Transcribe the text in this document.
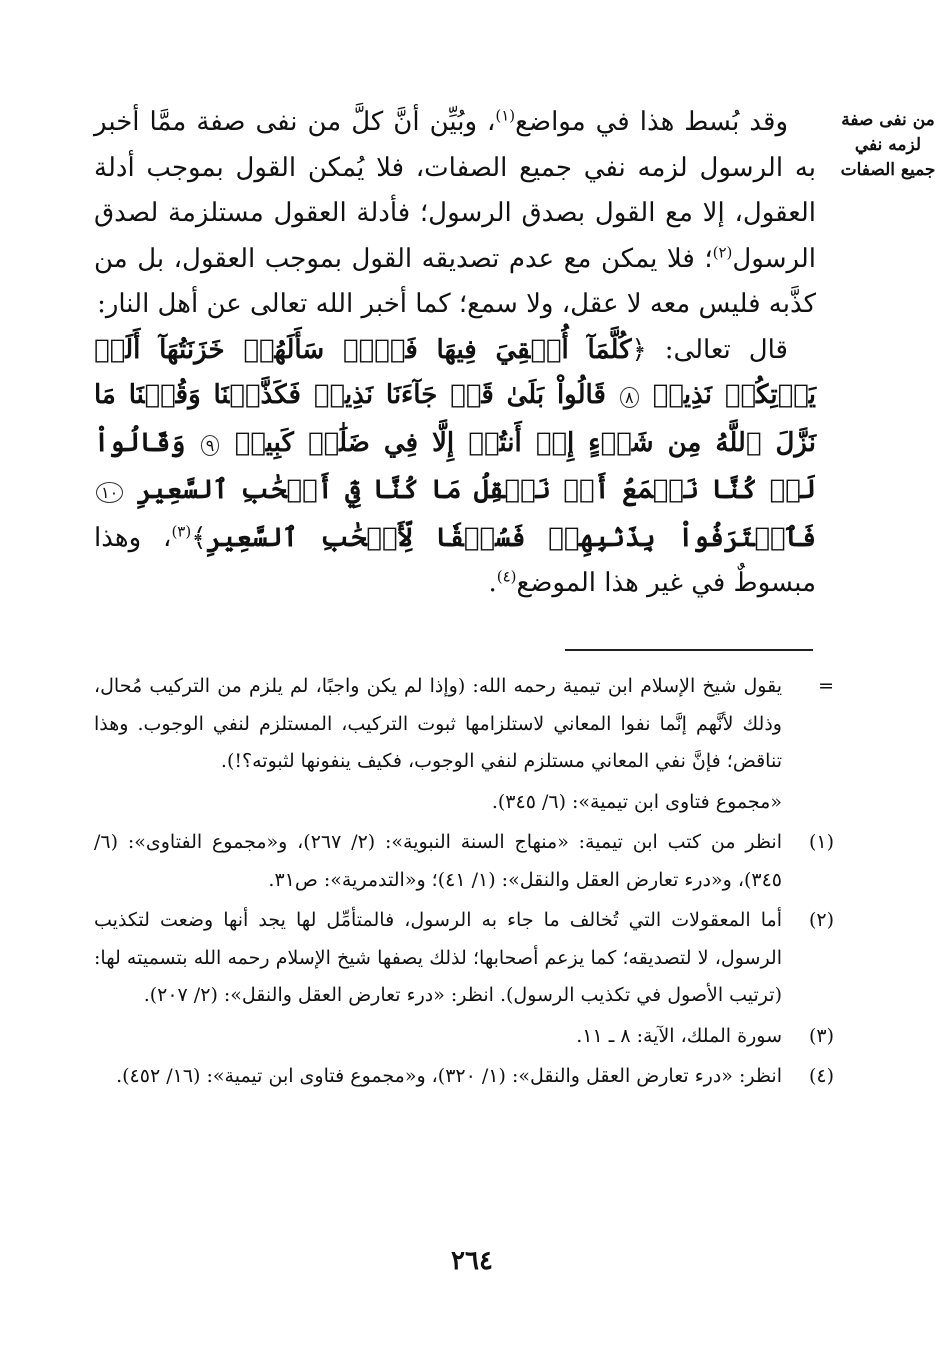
من نفى صفة لزمه نفي جميع الصفات

وقد بُسط هذا في مواضع$^{(١)}$، وبُيِّن أنَّ كلَّ من نفى صفة ممَّا أخبر به الرسول لزمه نفي جميع الصفات، فلا يُمكن القول بموجب أدلة العقول، إلا مع القول بصدق الرسول؛ فأدلة العقول مستلزمة لصدق الرسول$^{(٢)}$؛ فلا يمكن مع عدم تصديقه القول بموجب العقول، بل من كذَّبه فليس معه لا عقل، ولا سمع؛ كما أخبر الله تعالى عن أهل النار:

قال تعالى: ﴿كُلَّمَآ أُلۡقِيَ فِيهَا فَوۡجٞ سَأَلَهُمۡ خَزَنَتُهَآ أَلَمۡ يَأۡتِكُمۡ نَذِيرٞ ٨ قَالُواْ بَلَىٰ قَدۡ جَآءَنَا نَذِيرٞ فَكَذَّبۡنَا وَقُلۡنَا مَا نَزَّلَ ٱللَّهُ مِن شَيۡءٍ إِنۡ أَنتُمۡ إِلَّا فِي ضَلَٰلٖ كَبِيرٖ ٩ وَقَالُواْ لَوۡ كُنَّا نَسۡمَعُ أَوۡ نَعۡقِلُ مَا كُنَّا فِيٓ أَصۡحَٰبِ ٱلسَّعِيرِ ١٠ فَٱعۡتَرَفُواْ بِذَنۢبِهِمۡ فَسُحۡقٗا لِّأَصۡحَٰبِ ٱلسَّعِيرِ﴾$^{(٣)}$، وهذا مبسوطٌ في غير هذا الموضع$^{(٤)}$.

=
يقول شيخ الإسلام ابن تيمية رحمه الله: (وإذا لم يكن واجبًا، لم يلزم من التركيب مُحال، وذلك لأنَّهم إنَّما نفوا المعاني لاستلزامها ثبوت التركيب، المستلزم لنفي الوجوب. وهذا تناقض؛ فإنَّ نفي المعاني مستلزم لنفي الوجوب، فكيف ينفونها لثبوته؟!).
«مجموع فتاوى ابن تيمية»: (٦/ ٣٤٥).
(١)
انظر من كتب ابن تيمية: «منهاج السنة النبوية»: (٢/ ٢٦٧)، و«مجموع الفتاوى»: (٦/ ٣٤٥)، و«درء تعارض العقل والنقل»: (١/ ٤١)؛ و«التدمرية»: ص٣١.
(٢)
أما المعقولات التي تُخالف ما جاء به الرسول، فالمتأمِّل لها يجد أنها وضعت لتكذيب الرسول، لا لتصديقه؛ كما يزعم أصحابها؛ لذلك يصفها شيخ الإسلام رحمه الله بتسميته لها: (ترتيب الأصول في تكذيب الرسول). انظر: «درء تعارض العقل والنقل»: (٢/ ٢٠٧).
(٣)
سورة الملك، الآية: ٨ ـ ١١.
(٤)
انظر: «درء تعارض العقل والنقل»: (١/ ٣٢٠)، و«مجموع فتاوى ابن تيمية»: (١٦/ ٤٥٢).
٢٦٤
